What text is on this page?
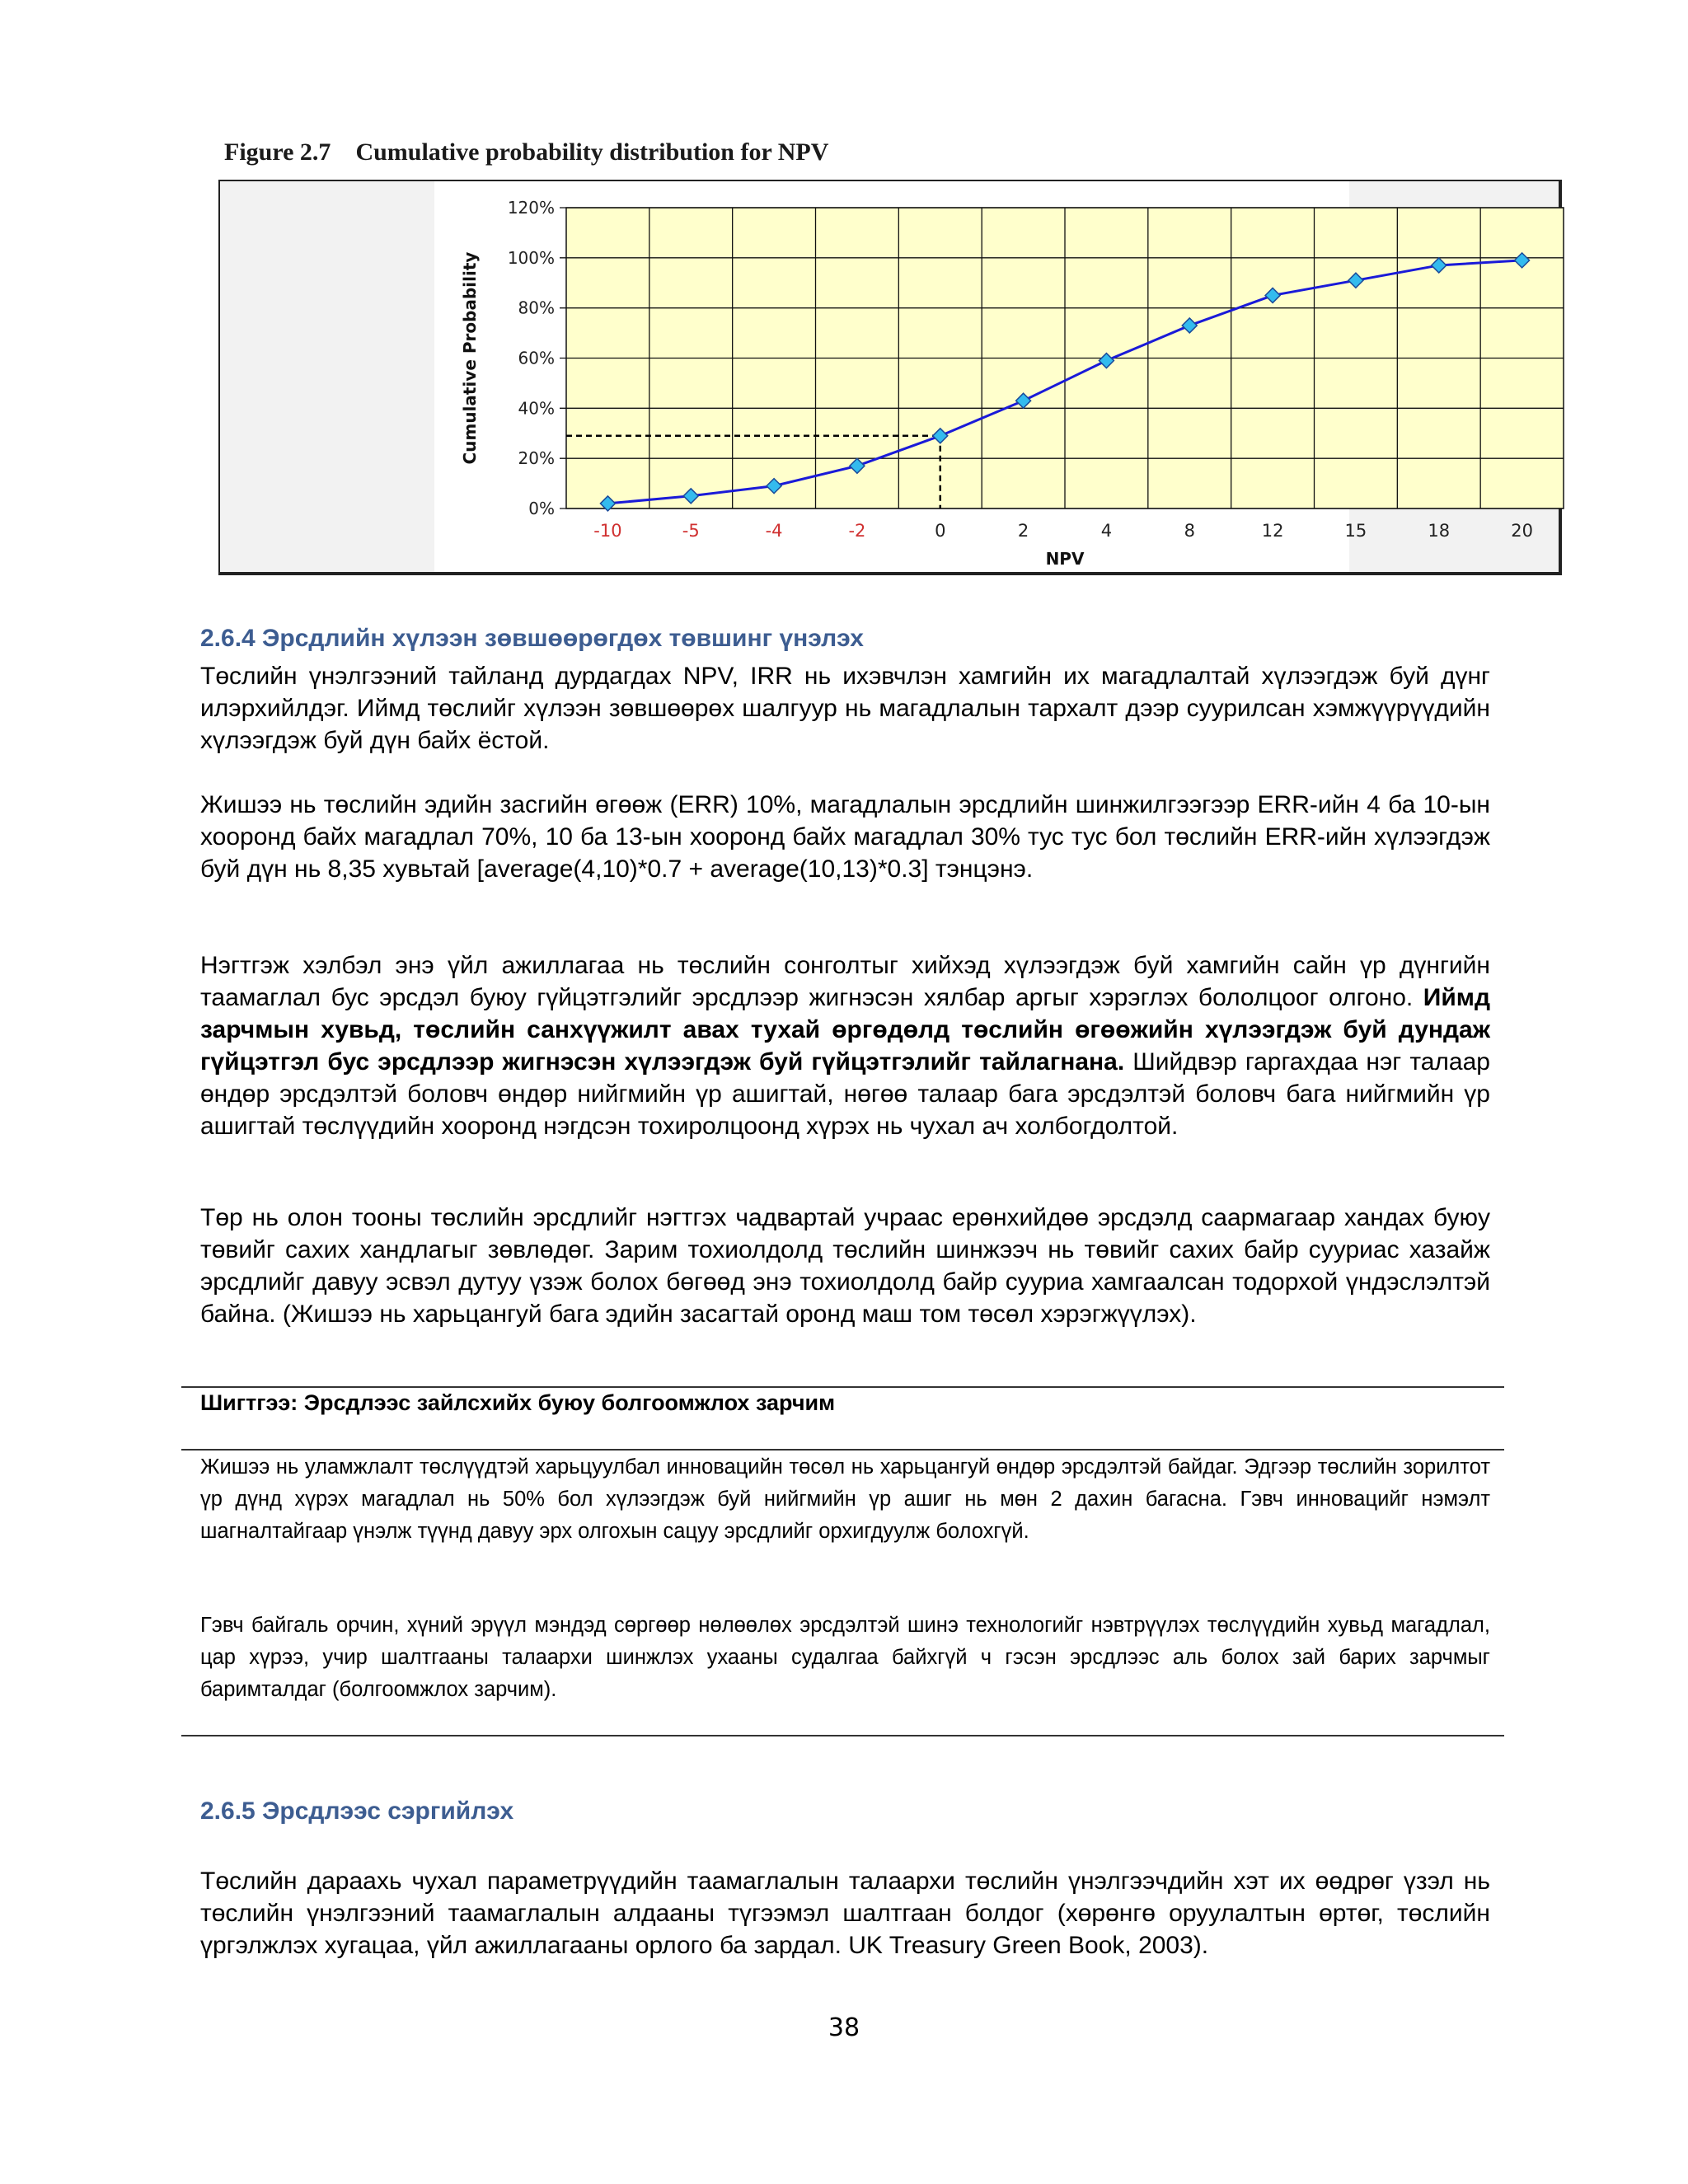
Figure 2.7 Cumulative probability distribution for NPV
0%
20%
40%
60%
80%
100%
120%
-10	-5	-4	-2	0	2	4	8	12	15	18	20
NPV
Cumulative Probability
2.6.4 Эрсдлийн хүлээн зөвшөөрөгдөх төвшинг үнэлэх
Төслийн үнэлгээний тайланд дурдагдах NPV, IRR нь ихэвчлэн хамгийн их магадлалтай хүлээгдэж буй дүнг илэрхийлдэг. Иймд төслийг хүлээн зөвшөөрөх шалгуур нь магадлалын тархалт дээр суурилсан хэмжүүрүүдийн хүлээгдэж буй дүн байх ёстой.
Жишээ нь төслийн эдийн засгийн өгөөж (ERR) 10%, магадлалын эрсдлийн шинжилгээгээр ERR-ийн 4 ба 10-ын хооронд байх магадлал 70%, 10 ба 13-ын хооронд байх магадлал 30% тус тус бол төслийн ERR-ийн хүлээгдэж буй дүн нь 8,35 хувьтай [average(4,10)*0.7 + average(10,13)*0.3] тэнцэнэ.
Нэгтгэж хэлбэл энэ үйл ажиллагаа нь төслийн сонголтыг хийхэд хүлээгдэж буй хамгийн сайн үр дүнгийн таамаглал бус эрсдэл буюу гүйцэтгэлийг эрсдлээр жигнэсэн хялбар аргыг хэрэглэх бололцоог олгоно. Иймд зарчмын хувьд, төслийн санхүүжилт авах тухай өргөдөлд төслийн өгөөжийн хүлээгдэж буй дундаж гүйцэтгэл бус эрсдлээр жигнэсэн хүлээгдэж буй гүйцэтгэлийг тайлагнана. Шийдвэр гаргахдаа нэг талаар өндөр эрсдэлтэй боловч өндөр нийгмийн үр ашигтай, нөгөө талаар бага эрсдэлтэй боловч бага нийгмийн үр ашигтай төслүүдийн хооронд нэгдсэн тохиролцоонд хүрэх нь чухал ач холбогдолтой.
Төр нь олон тооны төслийн эрсдлийг нэгтгэх чадвартай учраас ерөнхийдөө эрсдэлд саармагаар хандах буюу төвийг сахих хандлагыг зөвлөдөг. Зарим тохиолдолд төслийн шинжээч нь төвийг сахих байр сууриас хазайж эрсдлийг давуу эсвэл дутуу үзэж болох бөгөөд энэ тохиолдолд байр сууриа хамгаалсан тодорхой үндэслэлтэй байна. (Жишээ нь харьцангуй бага эдийн засагтай оронд маш том төсөл хэрэгжүүлэх).
Шигтгээ: Эрсдлээс зайлсхийх буюу болгоомжлох зарчим
Жишээ нь уламжлалт төслүүдтэй харьцуулбал инновацийн төсөл нь харьцангуй өндөр эрсдэлтэй байдаг. Эдгээр төслийн зорилтот үр дүнд хүрэх магадлал нь 50% бол хүлээгдэж буй нийгмийн үр ашиг нь мөн 2 дахин багасна. Гэвч инновацийг нэмэлт шагналтайгаар үнэлж түүнд давуу эрх олгохын сацуу эрсдлийг орхигдуулж болохгүй.
Гэвч байгаль орчин, хүний эрүүл мэндэд сөргөөр нөлөөлөх эрсдэлтэй шинэ технологийг нэвтрүүлэх төслүүдийн хувьд магадлал, цар хүрээ, учир шалтгааны талаархи шинжлэх ухааны судалгаа байхгүй ч гэсэн эрсдлээс аль болох зай барих зарчмыг баримталдаг (болгоомжлох зарчим).
2.6.5 Эрсдлээс сэргийлэх
Төслийн дараахь чухал параметрүүдийн таамаглалын талаархи төслийн үнэлгээчдийн хэт их өөдрөг үзэл нь төслийн үнэлгээний таамаглалын алдааны түгээмэл шалтгаан болдог (хөрөнгө оруулалтын өртөг, төслийн үргэлжлэх хугацаа, үйл ажиллагааны орлого ба зардал. UK Treasury Green Book, 2003).
38
